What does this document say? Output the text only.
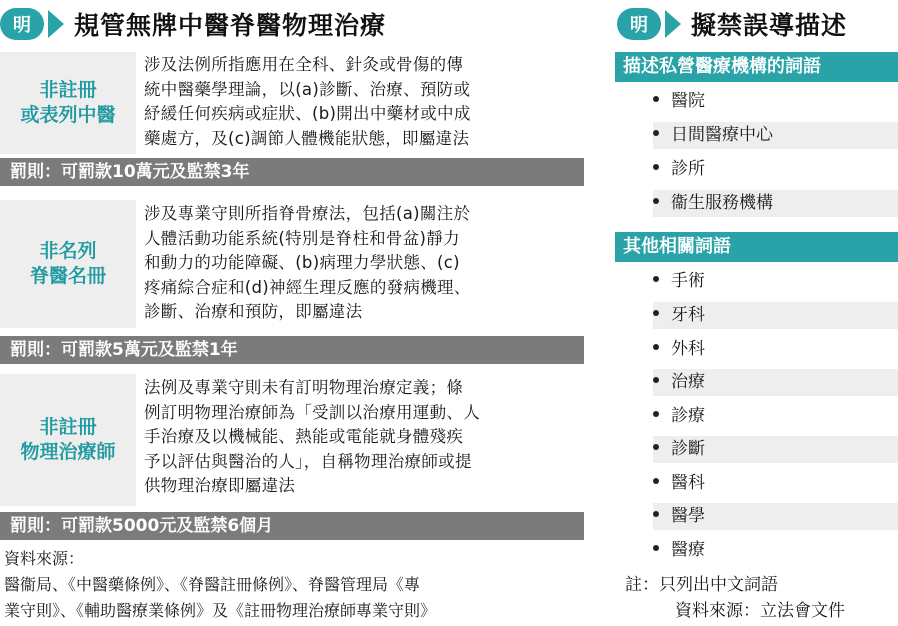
明	規管無牌中醫脊醫物理治療
非註冊
或表列中醫
涉及法例所指應用在全科、針灸或骨傷的傳
統中醫藥學理論，以(a)診斷、治療、預防或
紓緩任何疾病或症狀、(b)開出中藥材或中成
藥處方，及(c)調節人體機能狀態，即屬違法
罰則：可罰款10萬元及監禁3年
非名列
脊醫名冊
涉及專業守則所指脊骨療法，包括(a)關注於
人體活動功能系統(特別是脊柱和骨盆)靜力
和動力的功能障礙、(b)病理力學狀態、(c)
疼痛綜合症和(d)神經生理反應的發病機理、
診斷、治療和預防，即屬違法
罰則：可罰款5萬元及監禁1年
非註冊
物理治療師
法例及專業守則未有訂明物理治療定義；條
例訂明物理治療師為「受訓以治療用運動、人
手治療及以機械能、熱能或電能就身體殘疾
予以評估與醫治的人」，自稱物理治療師或提
供物理治療即屬違法
罰則：可罰款5000元及監禁6個月
資料來源：
醫衞局、《中醫藥條例》、《脊醫註冊條例》、脊醫管理局《專
業守則》、《輔助醫療業條例》及《註冊物理治療師專業守則》
明	擬禁誤導描述
描述私營醫療機構的詞語
醫院
日間醫療中心
診所
衞生服務機構
其他相關詞語
手術
牙科
外科
治療
診療
診斷
醫科
醫學
醫療
註：只列出中文詞語
資料來源：立法會文件
